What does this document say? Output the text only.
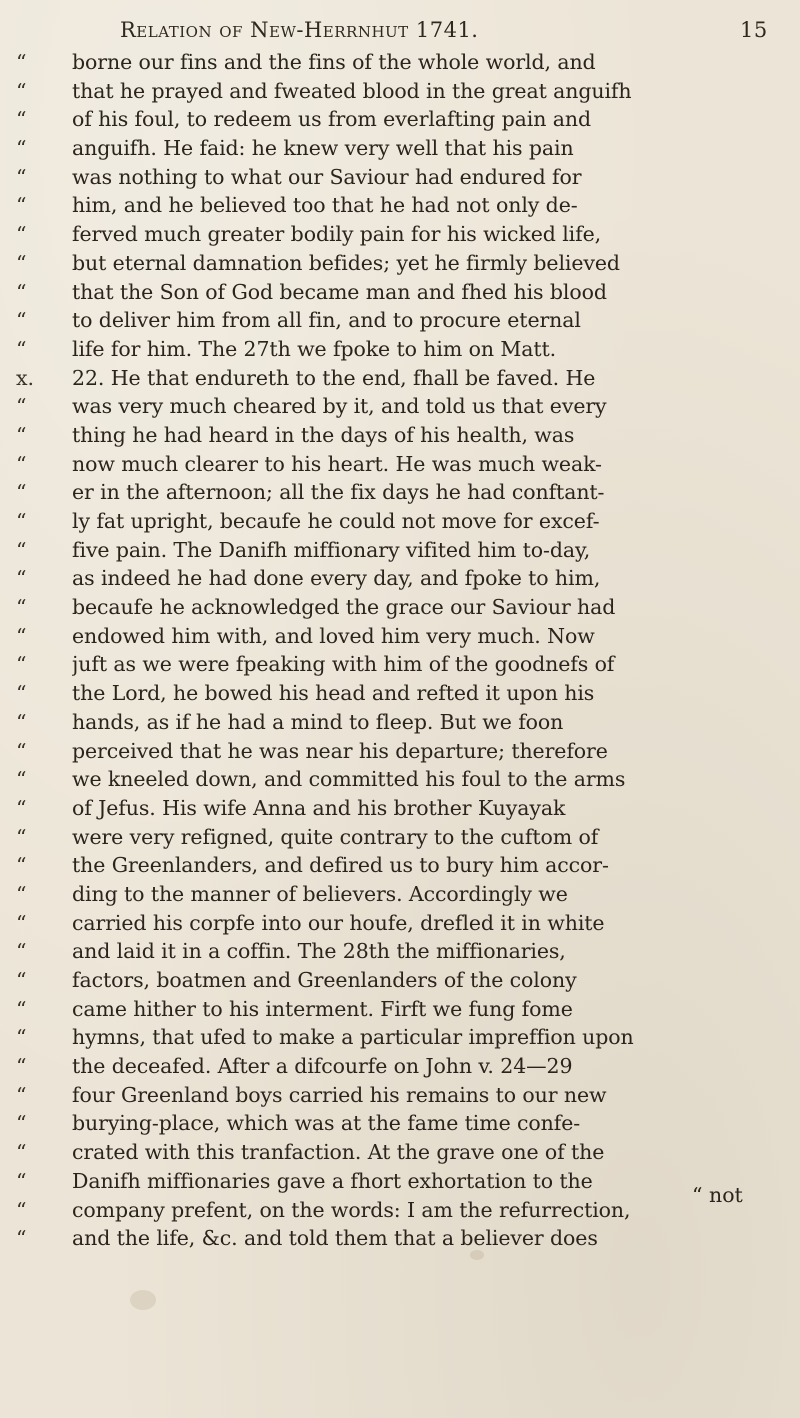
Relation of New-Herrnhut 1741.	15
“	borne our fins and the fins of the whole world, and
“	that he prayed and fweated blood in the great anguifh
“	of his foul, to redeem us from everlafting pain and
“	anguifh. He faid: he knew very well that his pain
“	was nothing to what our Saviour had endured for
“	him, and he believed too that he had not only de-
“	ferved much greater bodily pain for his wicked life,
“	but eternal damnation befides; yet he firmly believed
“	that the Son of God became man and fhed his blood
“	to deliver him from all fin, and to procure eternal
“	life for him. The 27th we fpoke to him on Matt.
x.	22. He that endureth to the end, fhall be faved. He
“	was very much cheared by it, and told us that every
“	thing he had heard in the days of his health, was
“	now much clearer to his heart. He was much weak-
“	er in the afternoon; all the fix days he had conftant-
“	ly fat upright, becaufe he could not move for excef-
“	five pain. The Danifh miffionary vifited him to-day,
“	as indeed he had done every day, and fpoke to him,
“	becaufe he acknowledged the grace our Saviour had
“	endowed him with, and loved him very much. Now
“	juft as we were fpeaking with him of the goodnefs of
“	the Lord, he bowed his head and refted it upon his
“	hands, as if he had a mind to fleep. But we foon
“	perceived that he was near his departure; therefore
“	we kneeled down, and committed his foul to the arms
“	of Jefus. His wife Anna and his brother Kuyayak
“	were very refigned, quite contrary to the cuftom of
“	the Greenlanders, and defired us to bury him accor-
“	ding to the manner of believers. Accordingly we
“	carried his corpfe into our houfe, drefled it in white
“	and laid it in a coffin. The 28th the miffionaries,
“	factors, boatmen and Greenlanders of the colony
“	came hither to his interment. Firft we fung fome
“	hymns, that ufed to make a particular impreffion upon
“	the deceafed. After a difcourfe on John v. 24—29
“	four Greenland boys carried his remains to our new
“	burying-place, which was at the fame time confe-
“	crated with this tranfaction. At the grave one of the
“	Danifh miffionaries gave a fhort exhortation to the
“	company prefent, on the words: I am the refurrection,
“	and the life, &c. and told them that a believer does
“ not
